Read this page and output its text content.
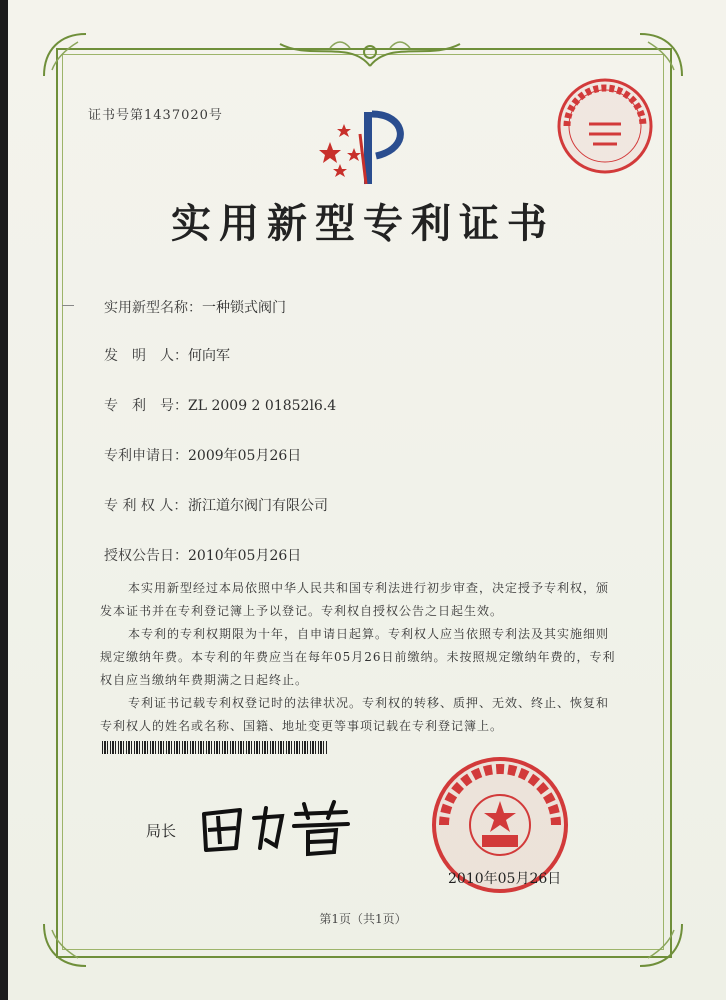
证书号第1437020号
实用新型专利证书
实用新型名称：一种锁式阀门
发　明　人：何向军
专　利　号：ZL 2009 2 01852l6.4
专利申请日：2009年05月26日
专 利 权 人：浙江道尔阀门有限公司
授权公告日：2010年05月26日
本实用新型经过本局依照中华人民共和国专利法进行初步审查，决定授予专利权，颁发本证书并在专利登记簿上予以登记。专利权自授权公告之日起生效。
本专利的专利权期限为十年，自申请日起算。专利权人应当依照专利法及其实施细则规定缴纳年费。本专利的年费应当在每年05月26日前缴纳。未按照规定缴纳年费的，专利权自应当缴纳年费期满之日起终止。
专利证书记载专利权登记时的法律状况。专利权的转移、质押、无效、终止、恢复和专利权人的姓名或名称、国籍、地址变更等事项记载在专利登记簿上。
局长
2010年05月26日
第1页（共1页）
